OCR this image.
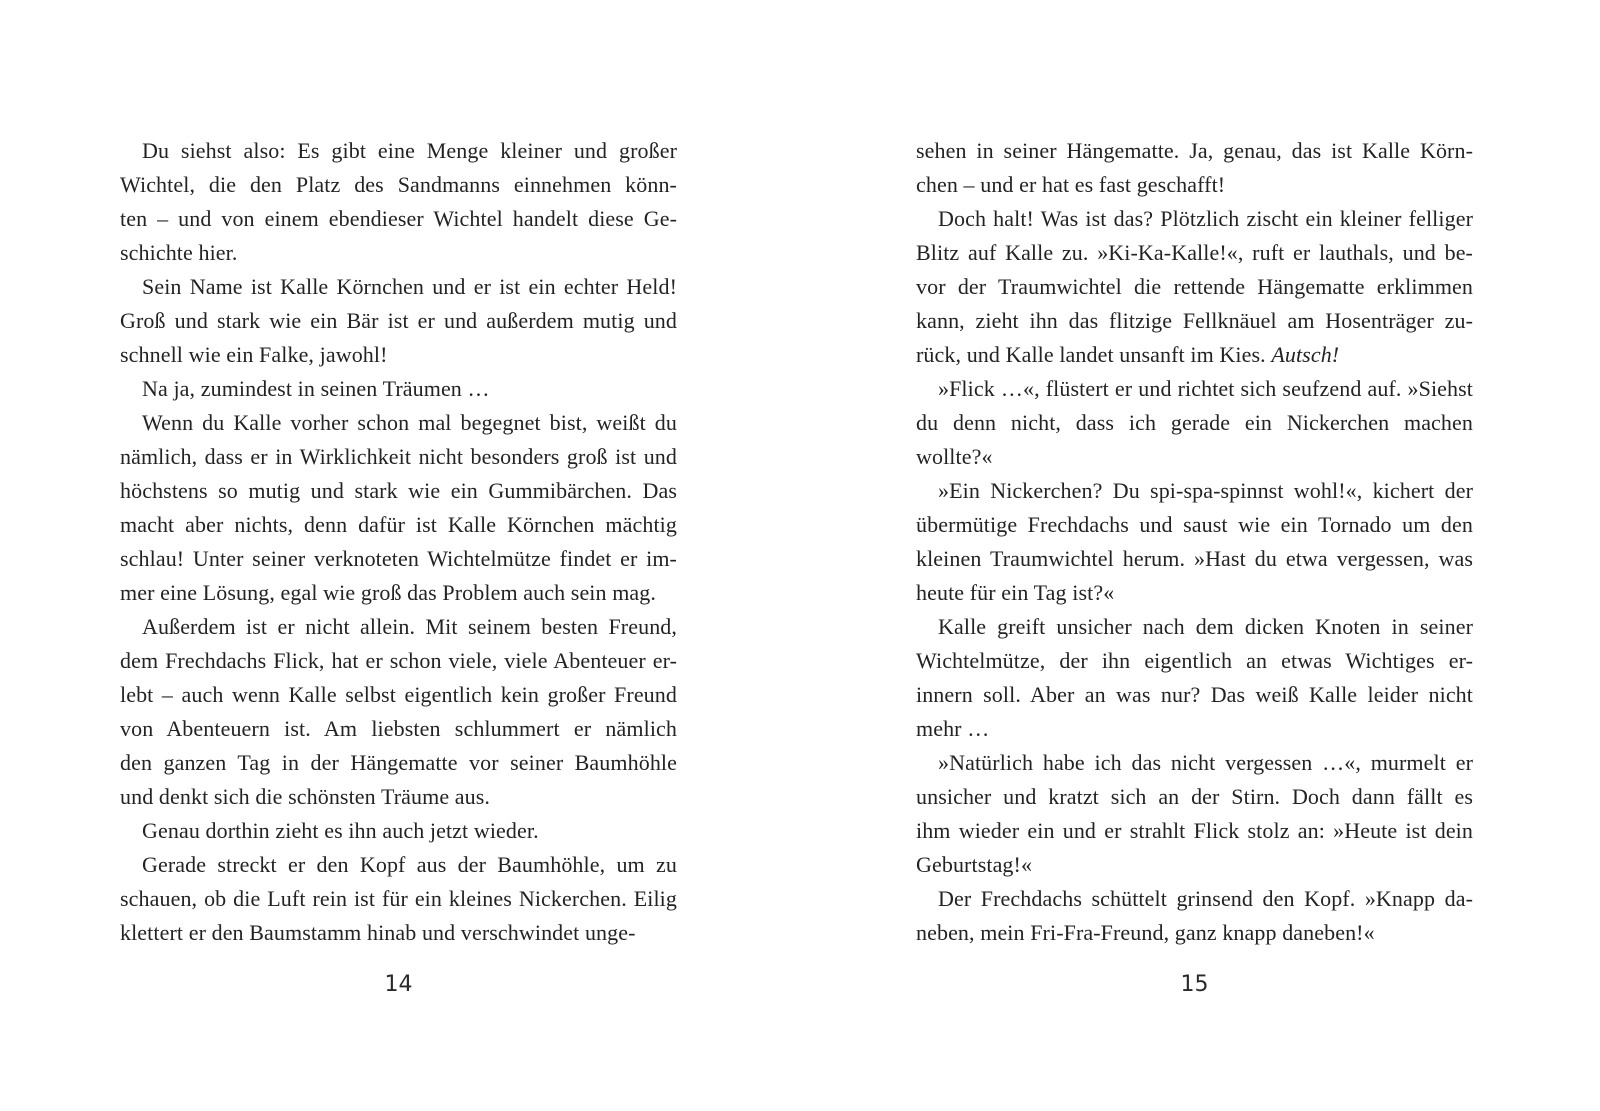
Du siehst also: Es gibt eine Menge kleiner und großer
Wichtel, die den Platz des Sandmanns einnehmen könn-
ten – und von einem ebendieser Wichtel handelt diese Ge-
schichte hier.
Sein Name ist Kalle Körnchen und er ist ein echter Held!
Groß und stark wie ein Bär ist er und außerdem mutig und
schnell wie ein Falke, jawohl!
Na ja, zumindest in seinen Träumen …
Wenn du Kalle vorher schon mal begegnet bist, weißt du
nämlich, dass er in Wirklichkeit nicht besonders groß ist und
höchstens so mutig und stark wie ein Gummibärchen. Das
macht aber nichts, denn dafür ist Kalle Körnchen mächtig
schlau! Unter seiner verknoteten Wichtelmütze findet er im-
mer eine Lösung, egal wie groß das Problem auch sein mag.
Außerdem ist er nicht allein. Mit seinem besten Freund,
dem Frechdachs Flick, hat er schon viele, viele Abenteuer er-
lebt – auch wenn Kalle selbst eigentlich kein großer Freund
von Abenteuern ist. Am liebsten schlummert er nämlich
den ganzen Tag in der Hängematte vor seiner Baumhöhle
und denkt sich die schönsten Träume aus.
Genau dorthin zieht es ihn auch jetzt wieder.
Gerade streckt er den Kopf aus der Baumhöhle, um zu
schauen, ob die Luft rein ist für ein kleines Nickerchen. Eilig
klettert er den Baumstamm hinab und verschwindet unge-
sehen in seiner Hängematte. Ja, genau, das ist Kalle Körn-
chen – und er hat es fast geschafft!
Doch halt! Was ist das? Plötzlich zischt ein kleiner felliger
Blitz auf Kalle zu. »Ki-Ka-Kalle!«, ruft er lauthals, und be-
vor der Traumwichtel die rettende Hängematte erklimmen
kann, zieht ihn das flitzige Fellknäuel am Hosenträger zu-
rück, und Kalle landet unsanft im Kies. Autsch!
»Flick …«, flüstert er und richtet sich seufzend auf. »Siehst
du denn nicht, dass ich gerade ein Nickerchen machen
wollte?«
»Ein Nickerchen? Du spi-spa-spinnst wohl!«, kichert der
übermütige Frechdachs und saust wie ein Tornado um den
kleinen Traumwichtel herum. »Hast du etwa vergessen, was
heute für ein Tag ist?«
Kalle greift unsicher nach dem dicken Knoten in seiner
Wichtelmütze, der ihn eigentlich an etwas Wichtiges er-
innern soll. Aber an was nur? Das weiß Kalle leider nicht
mehr …
»Natürlich habe ich das nicht vergessen …«, murmelt er
unsicher und kratzt sich an der Stirn. Doch dann fällt es
ihm wieder ein und er strahlt Flick stolz an: »Heute ist dein
Geburtstag!«
Der Frechdachs schüttelt grinsend den Kopf. »Knapp da-
neben, mein Fri-Fra-Freund, ganz knapp daneben!«
14	15
